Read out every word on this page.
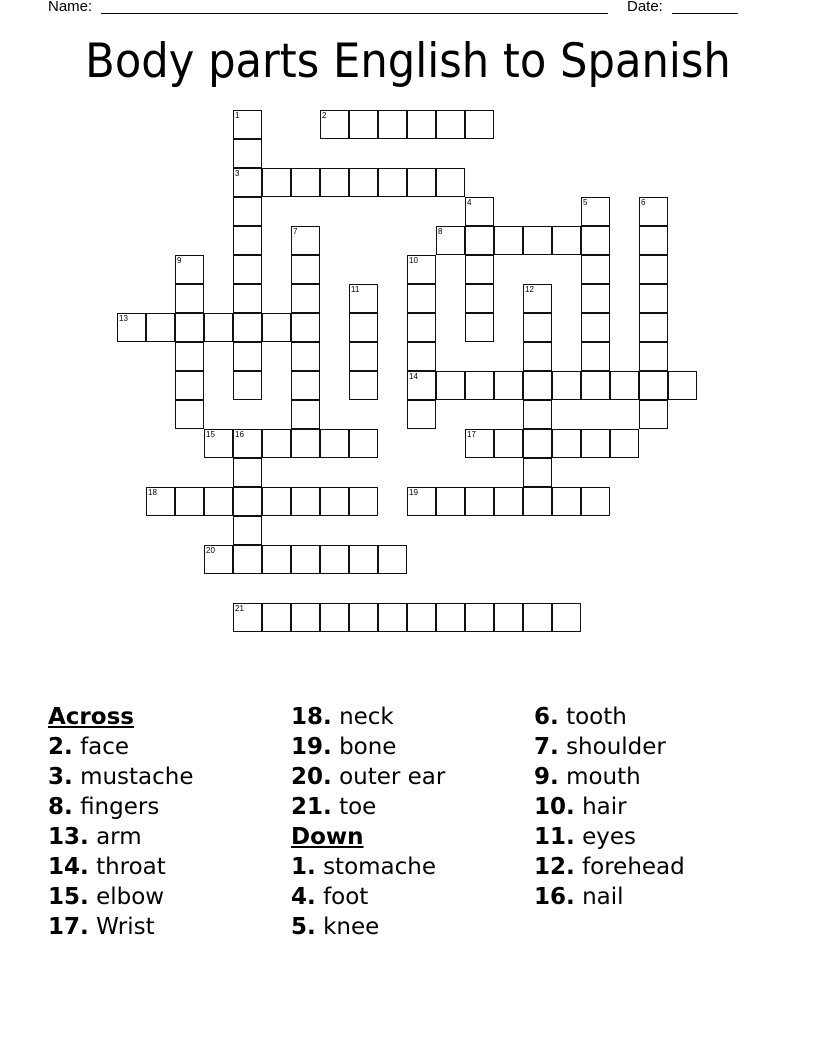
Name:	Date:
Body parts English to Spanish
1
3
2
4	5	6
7	8
9	10
14
11	12
13
15	16	17
18	19
20
21
Across
2. face
3. mustache
8. fingers
13. arm
14. throat
15. elbow
17. Wrist
18. neck
19. bone
20. outer ear
21. toe
Down
1. stomache
4. foot
5. knee
6. tooth
7. shoulder
9. mouth
10. hair
11. eyes
12. forehead
16. nail
